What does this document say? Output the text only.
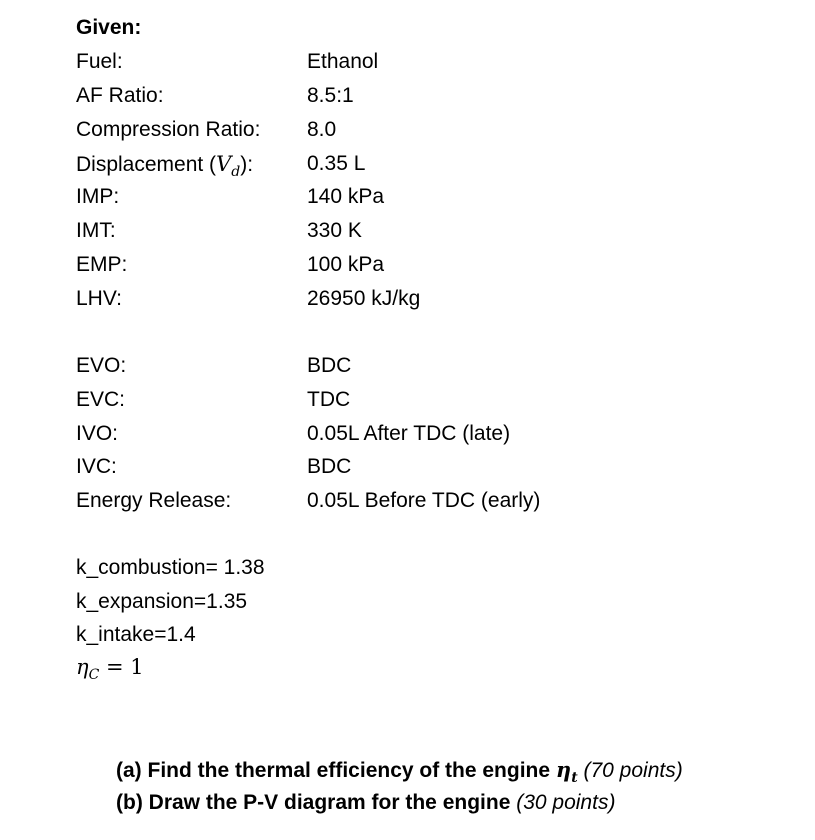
Given:
Fuel:	Ethanol
AF Ratio:	8.5:1
Compression Ratio: 8.0
Displacement $(V_d)$:	0.35 L
IMP:	140 kPa
IMT:	330 K
EMP:	100 kPa
LHV:	26950 kJ/kg
EVO:	BDC
EVC:	TDC
IVO:	0.05L After TDC (late)
IVC:	BDC
Energy Release:	0.05L Before TDC (early)
k_combustion= 1.38
k_expansion=1.35
k_intake=1.4
$\eta_C = 1$
(a) Find the thermal efficiency of the engine $\eta_t$ (70 points)
(b) Draw the P-V diagram for the engine (30 points)
